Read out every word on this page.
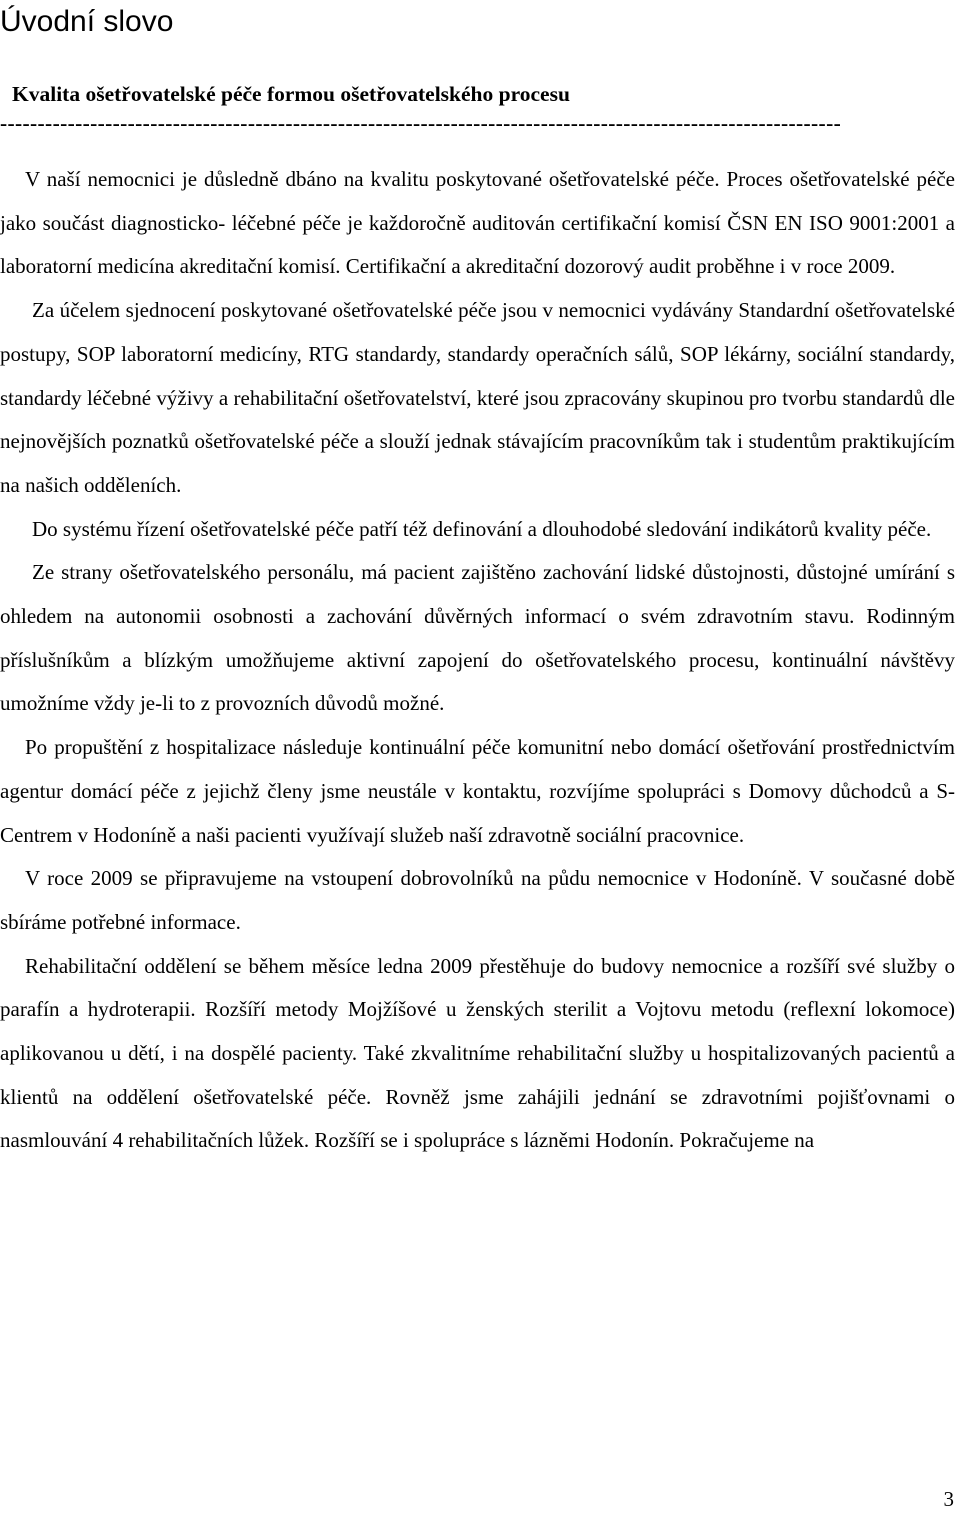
Úvodní slovo
Kvalita ošetřovatelské péče formou ošetřovatelského procesu
----------------------------------------------------------------------------------------------------------------

V naší nemocnici je důsledně dbáno na kvalitu poskytované ošetřovatelské péče. Proces ošetřovatelské péče jako součást diagnosticko- léčebné péče je každoročně auditován certifikační komisí ČSN EN ISO 9001:2001 a laboratorní medicína akreditační komisí. Certifikační a akreditační dozorový audit proběhne i v roce 2009.

Za účelem sjednocení poskytované ošetřovatelské péče jsou v nemocnici vydávány Standardní ošetřovatelské postupy, SOP laboratorní medicíny, RTG standardy, standardy operačních sálů, SOP lékárny, sociální standardy, standardy léčebné výživy a rehabilitační ošetřovatelství, které jsou zpracovány skupinou pro tvorbu standardů dle nejnovějších poznatků ošetřovatelské péče a slouží jednak stávajícím pracovníkům tak i studentům praktikujícím na našich odděleních.

Do systému řízení ošetřovatelské péče patří též definování a dlouhodobé sledování indikátorů kvality péče.

Ze strany ošetřovatelského personálu, má pacient zajištěno zachování lidské důstojnosti, důstojné umírání s ohledem na autonomii osobnosti a zachování důvěrných informací o svém zdravotním stavu. Rodinným příslušníkům a blízkým umožňujeme aktivní zapojení do ošetřovatelského procesu, kontinuální návštěvy umožníme vždy je-li to z provozních důvodů možné.

Po propuštění z hospitalizace následuje kontinuální péče komunitní nebo domácí ošetřování prostřednictvím agentur domácí péče z jejichž členy jsme neustále v kontaktu, rozvíjíme spolupráci s Domovy důchodců a S-Centrem v Hodoníně a naši pacienti využívají služeb naší zdravotně sociální pracovnice.

V roce 2009 se připravujeme na vstoupení dobrovolníků na půdu nemocnice v Hodoníně. V současné době sbíráme potřebné informace.

Rehabilitační oddělení se během měsíce ledna 2009 přestěhuje do budovy nemocnice a rozšíří své služby o parafín a hydroterapii. Rozšíří metody Mojžíšové u ženských sterilit a Vojtovu metodu (reflexní lokomoce) aplikovanou u dětí, i na dospělé pacienty. Také zkvalitníme rehabilitační služby u hospitalizovaných pacientů a klientů na oddělení ošetřovatelské péče. Rovněž jsme zahájili jednání se zdravotními pojišťovnami o nasmlouvání 4 rehabilitačních lůžek. Rozšíří se i spolupráce s lázněmi Hodonín. Pokračujeme na

3
